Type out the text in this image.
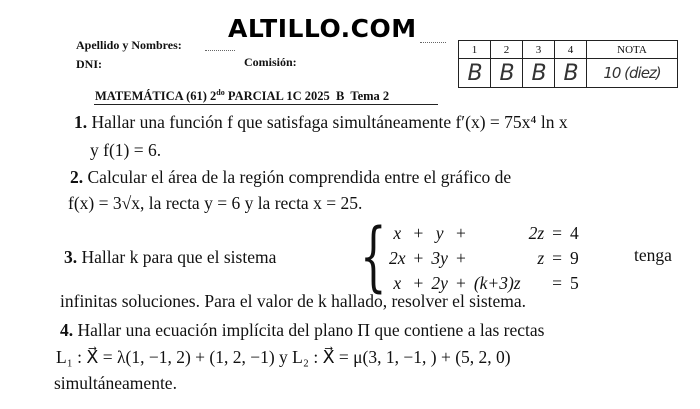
ALTILLO.COM
Apellido y Nombres:
DNI:	Comisión:
1	2	3	4	NOTA
B	B	B	B	10 (diez)
MATEMÁTICA (61) $2^{do}$ PARCIAL 1C 2025 B Tema 2
1. Hallar una función f que satisfaga simultáneamente f′(x) = 75x⁴ ln x
y f(1) = 6.
2. Calcular el área de la región comprendida entre el gráfico de
f(x) = 3√x, la recta y = 6 y la recta x = 25.
3. Hallar k para que el sistema { x	+	y	+		2z	=	4
2x	+	3y	+		z	=	9
x	+	2y	+	(k+3)z		=	5
tenga
infinitas soluciones. Para el valor de k hallado, resolver el sistema.
4. Hallar una ecuación implícita del plano Π que contiene a las rectas
L₁ : X⃗ = λ(1, −1, 2) + (1, 2, −1) y L₂ : X⃗ = μ(3, 1, −1, ) + (5, 2, 0)
simultáneamente.
